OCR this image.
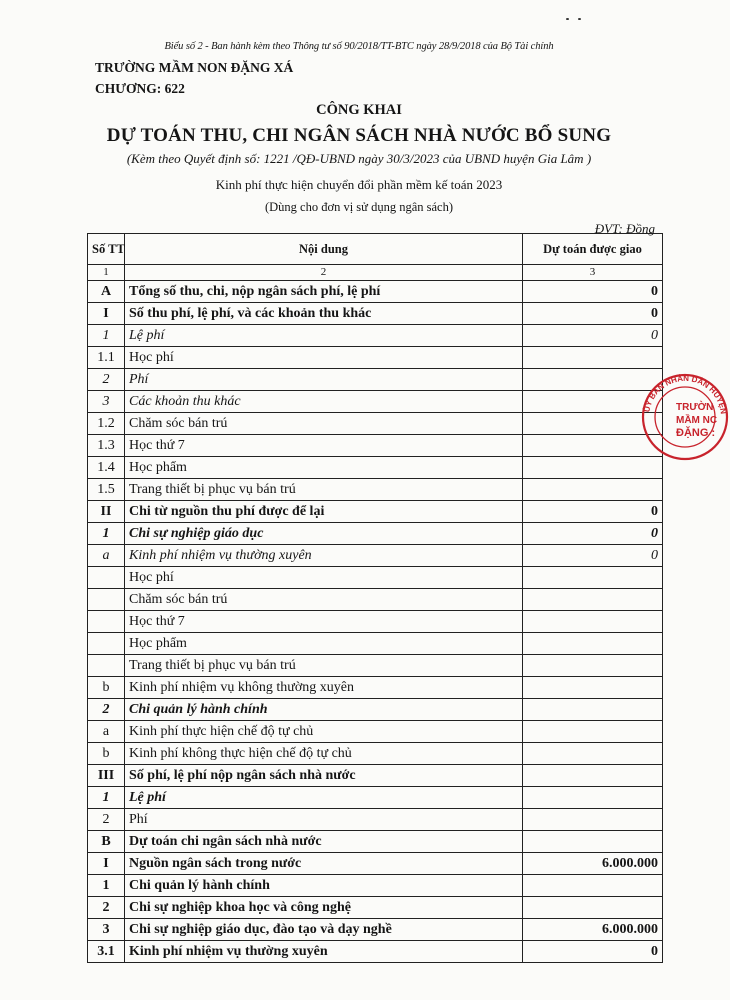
Biểu số 2 - Ban hành kèm theo Thông tư số 90/2018/TT-BTC ngày 28/9/2018 của Bộ Tài chính
TRƯỜNG MẦM NON ĐẶNG XÁ
CHƯƠNG: 622
CÔNG KHAI
DỰ TOÁN THU, CHI NGÂN SÁCH NHÀ NƯỚC BỔ SUNG
(Kèm theo Quyết định số: 1221 /QĐ-UBND ngày 30/3/2023 của UBND huyện Gia Lâm )
Kinh phí thực hiện chuyển đổi phần mềm kế toán 2023
(Dùng cho đơn vị sử dụng ngân sách)
ĐVT: Đồng
Số TT	Nội dung	Dự toán được giao
1	2	3
A	Tổng số thu, chi, nộp ngân sách phí, lệ phí	0
I	Số thu phí, lệ phí, và các khoản thu khác	0
1	Lệ phí	0
1.1	Học phí	
2	Phí	
3	Các khoản thu khác	
1.2	Chăm sóc bán trú	
1.3	Học thứ 7	
1.4	Học phẩm	
1.5	Trang thiết bị phục vụ bán trú	
II	Chi từ nguồn thu phí được để lại	0
1	Chi sự nghiệp giáo dục	0
a	Kinh phí nhiệm vụ thường xuyên	0
	Học phí	
	Chăm sóc bán trú	
	Học thứ 7	
	Học phẩm	
	Trang thiết bị phục vụ bán trú	
b	Kinh phí nhiệm vụ không thường xuyên	
2	Chi quản lý hành chính	
a	Kinh phí thực hiện chế độ tự chủ	
b	Kinh phí không thực hiện chế độ tự chủ	
III	Số phí, lệ phí nộp ngân sách nhà nước	
1	Lệ phí	
2	Phí	
B	Dự toán chi ngân sách nhà nước	
I	Nguồn ngân sách trong nước	6.000.000
1	Chi quản lý hành chính	
2	Chi sự nghiệp khoa học và công nghệ	
3	Chi sự nghiệp giáo dục, đào tạo và dạy nghề	6.000.000
3.1	Kinh phí nhiệm vụ thường xuyên	0
ỦY BAN NHÂN DÂN HUYỆN
TRƯỜN
MẦM NC
ĐẶNG :
